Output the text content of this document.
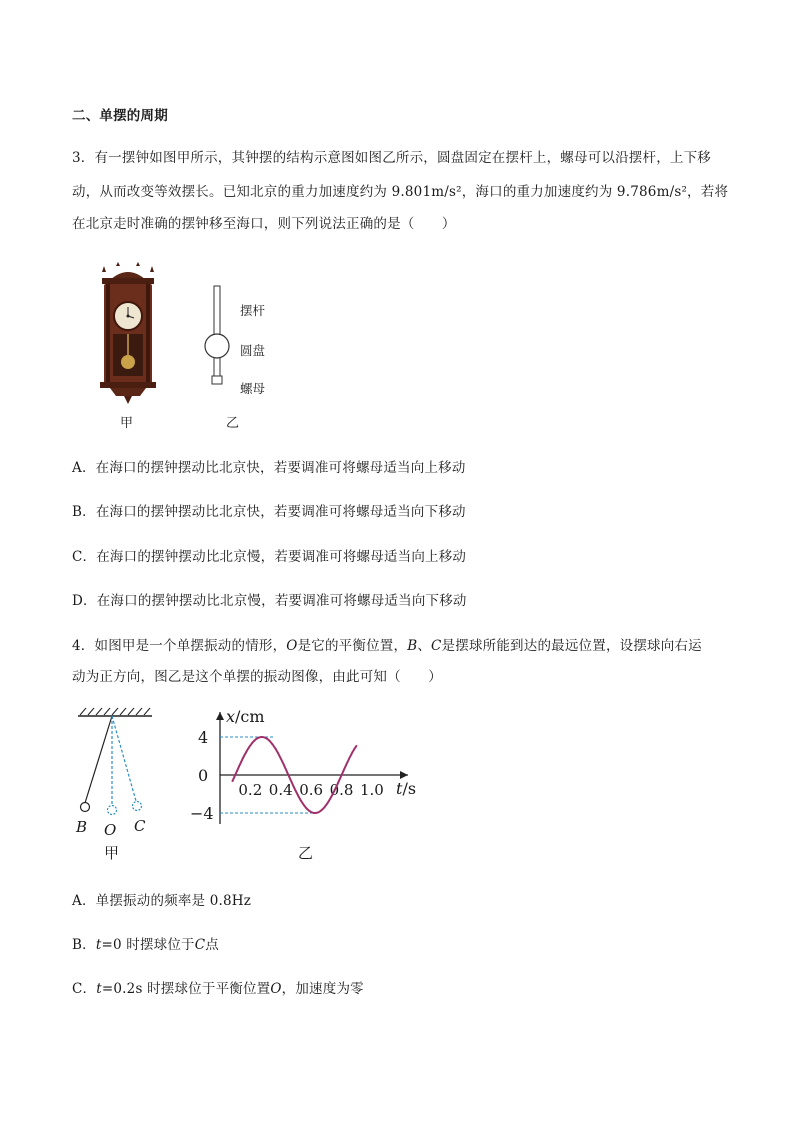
二、单摆的周期
3．有一摆钟如图甲所示，其钟摆的结构示意图如图乙所示，圆盘固定在摆杆上，螺母可以沿摆杆，上下移
动，从而改变等效摆长。已知北京的重力加速度约为 9.801m/s²，海口的重力加速度约为 9.786m/s²，若将
在北京走时准确的摆钟移至海口，则下列说法正确的是（　　）
甲
摆杆
圆盘
螺母
乙
A．在海口的摆钟摆动比北京快，若要调准可将螺母适当向上移动
B．在海口的摆钟摆动比北京快，若要调准可将螺母适当向下移动
C．在海口的摆钟摆动比北京慢，若要调准可将螺母适当向上移动
D．在海口的摆钟摆动比北京慢，若要调准可将螺母适当向下移动
4．如图甲是一个单摆振动的情形，O是它的平衡位置，B、C是摆球所能到达的最远位置，设摆球向右运
动为正方向，图乙是这个单摆的振动图像，由此可知（　　）
B O C
甲
x/cm
t/s
4
0
−4
0.2 0.4 0.6 0.8 1.0
乙
A．单摆振动的频率是 0.8Hz
B．t=0 时摆球位于C点
C．t=0.2s 时摆球位于平衡位置O，加速度为零
